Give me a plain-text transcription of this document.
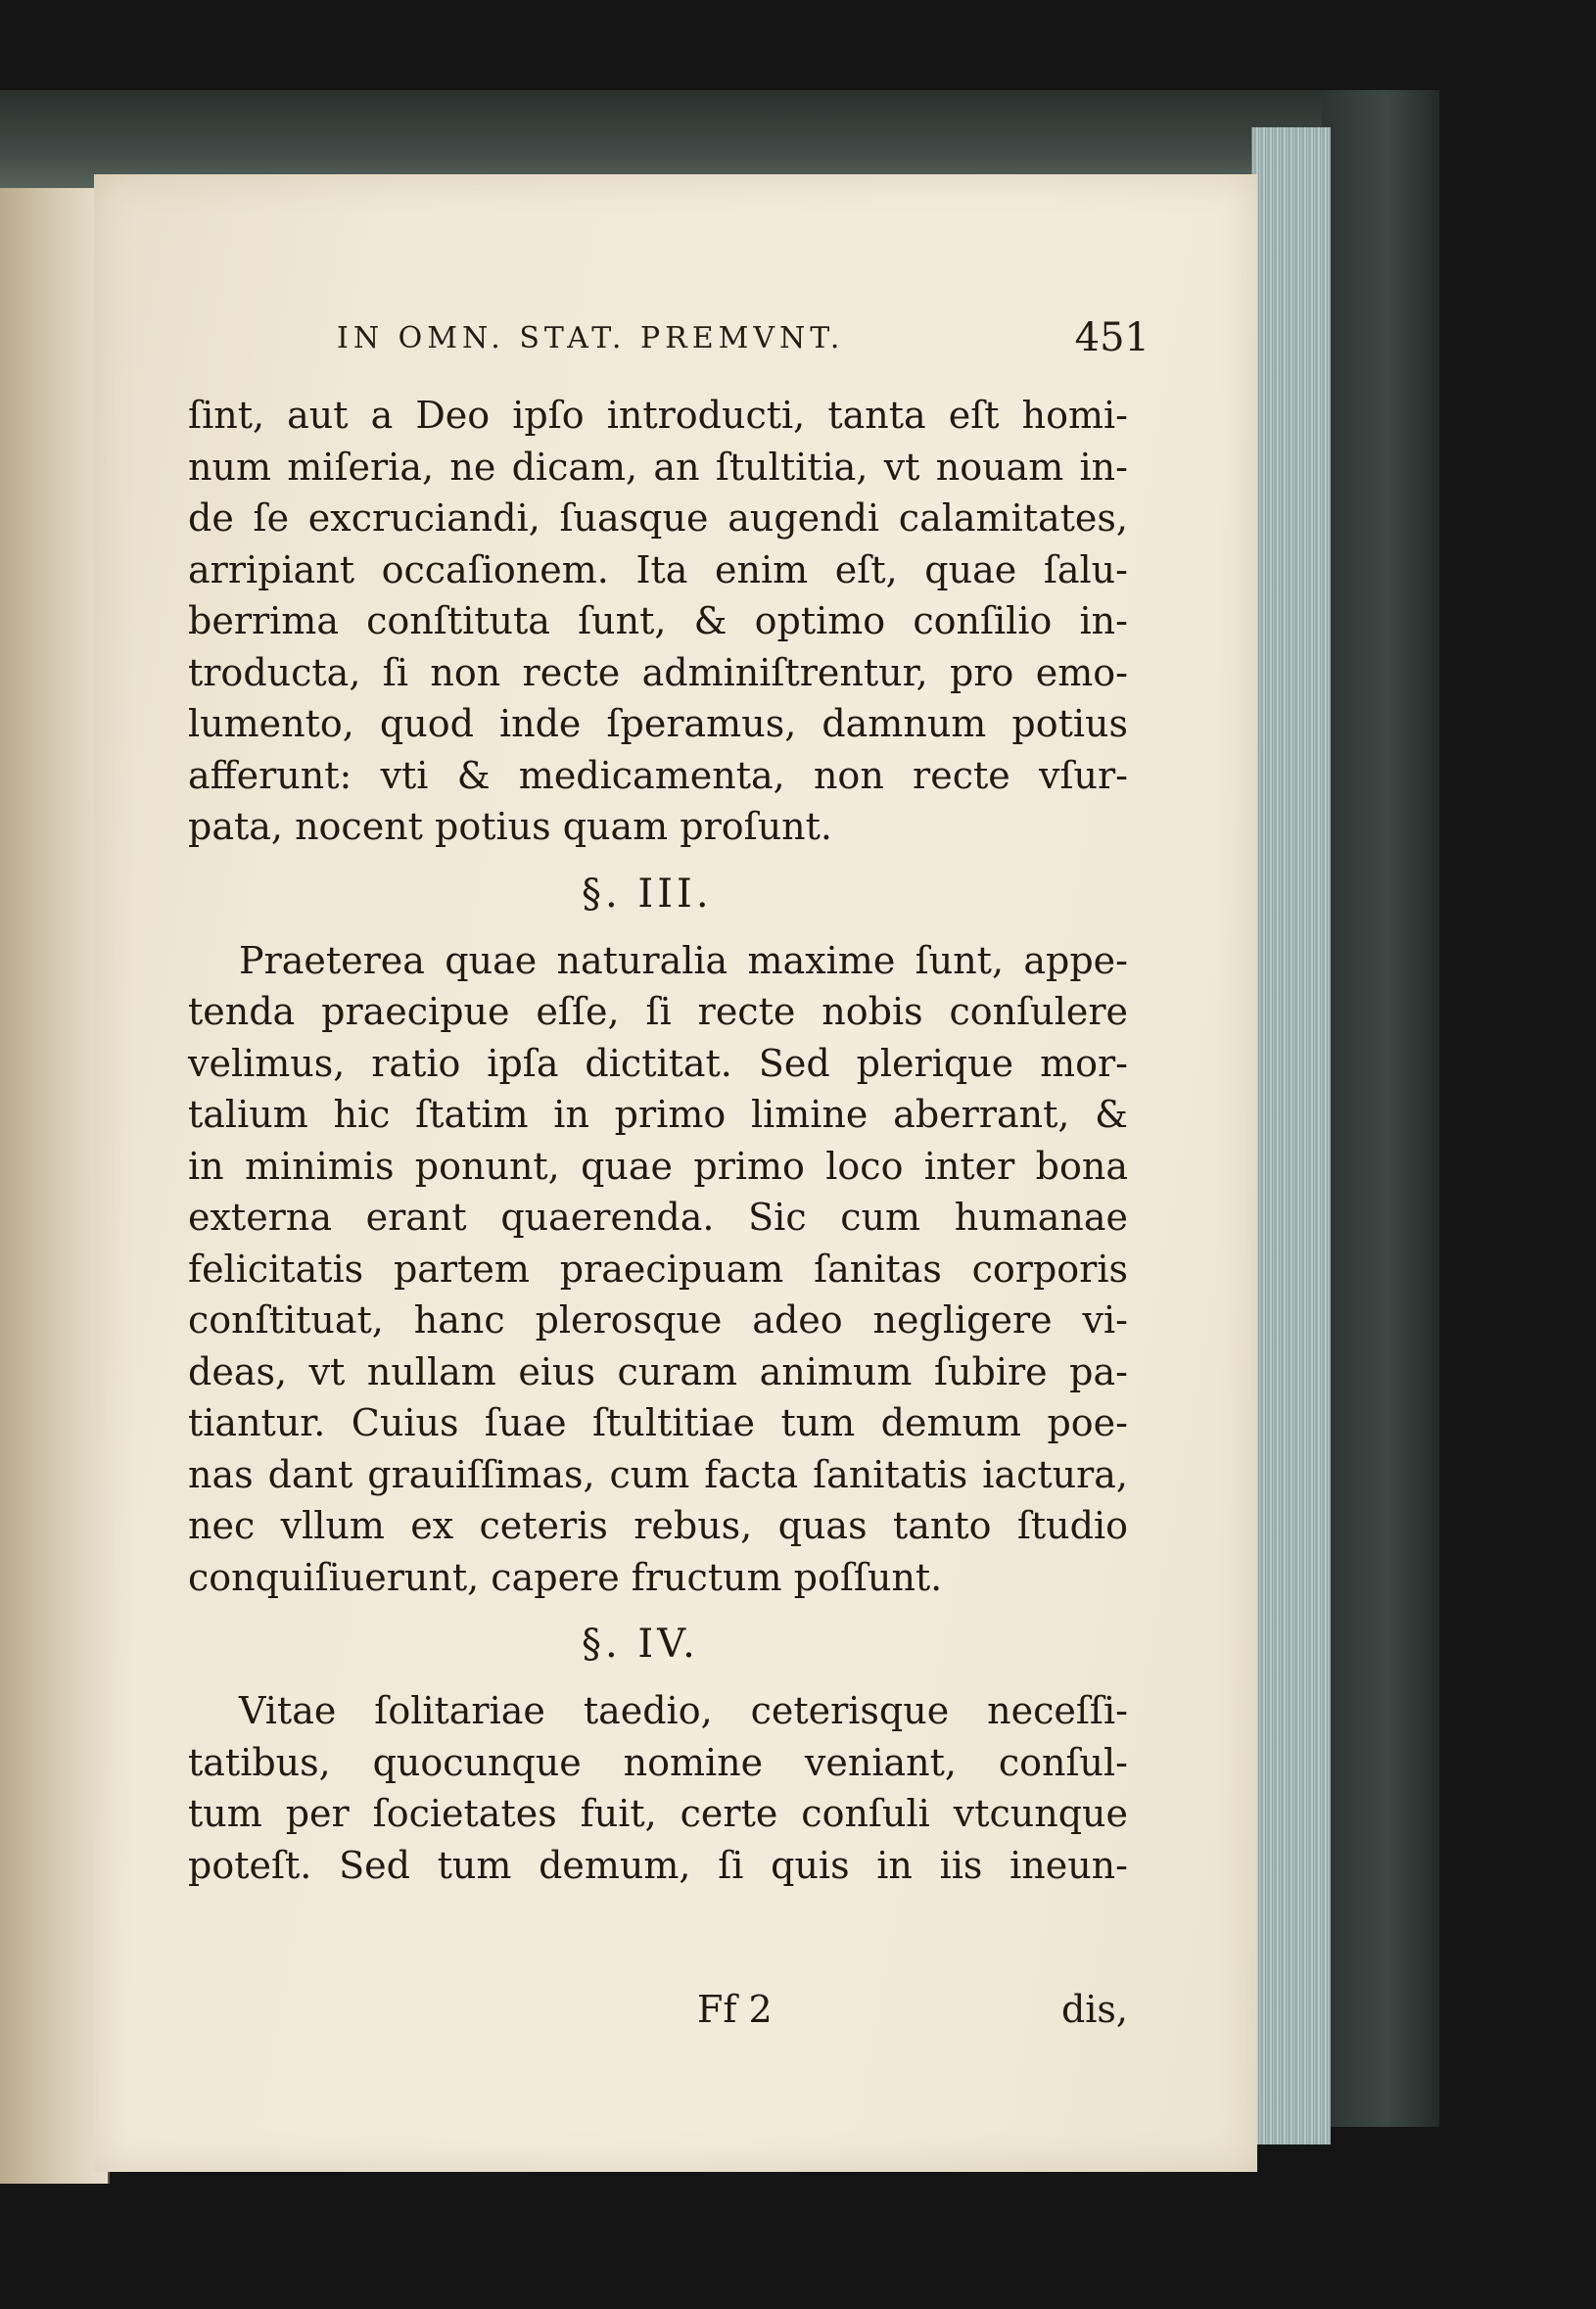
IN OMN. STAT. PREMVNT.	451
ſint, aut a Deo ipſo introducti, tanta eſt homi-
num miſeria, ne dicam, an ſtultitia, vt nouam in-
de ſe excruciandi, ſuasque augendi calamitates,
arripiant occaſionem. Ita enim eſt, quae ſalu-
berrima conſtituta ſunt, & optimo conſilio in-
troducta, ſi non recte adminiſtrentur, pro emo-
lumento, quod inde ſperamus, damnum potius
afferunt: vti & medicamenta, non recte vſur-
pata, nocent potius quam proſunt.
§. III.
Praeterea quae naturalia maxime ſunt, appe-
tenda praecipue eſſe, ſi recte nobis conſulere
velimus, ratio ipſa dictitat. Sed plerique mor-
talium hic ſtatim in primo limine aberrant, &
in minimis ponunt, quae primo loco inter bona
externa erant quaerenda. Sic cum humanae
felicitatis partem praecipuam ſanitas corporis
conſtituat, hanc plerosque adeo negligere vi-
deas, vt nullam eius curam animum ſubire pa-
tiantur. Cuius ſuae ſtultitiae tum demum poe-
nas dant grauiſſimas, cum facta ſanitatis iactura,
nec vllum ex ceteris rebus, quas tanto ſtudio
conquiſiuerunt, capere fructum poſſunt.
§. IV.
Vitae ſolitariae taedio, ceterisque neceſſi-
tatibus, quocunque nomine veniant, conſul-
tum per ſocietates fuit, certe conſuli vtcunque
poteſt. Sed tum demum, ſi quis in iis ineun-
Ff 2	dis,
